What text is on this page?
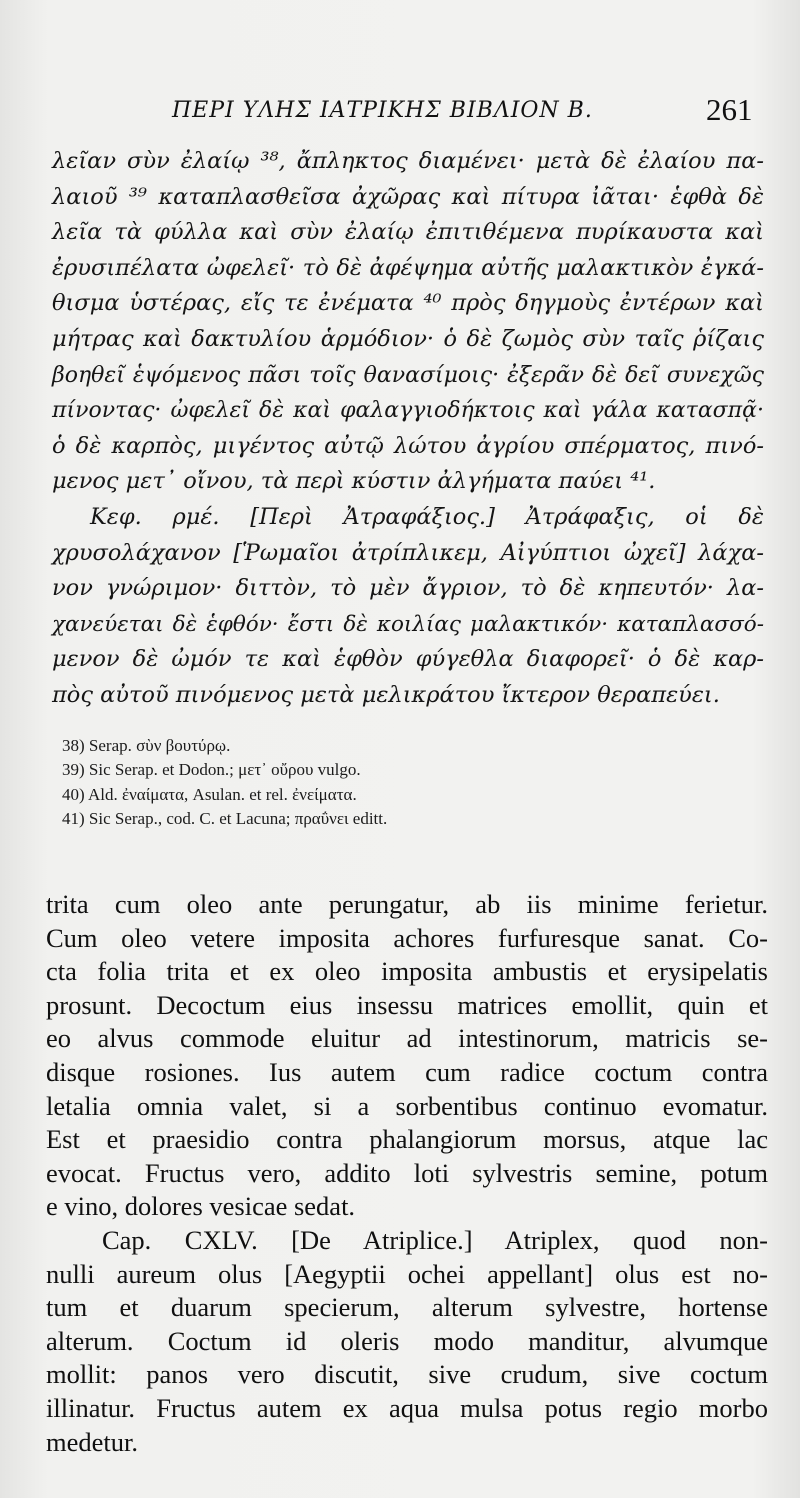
ΠΕΡΙ ΥΛΗΣ ΙΑΤΡΙΚΗΣ ΒΙΒΛΙΟΝ Β.	261
λεῖαν σὺν ἐλαίῳ ³⁸, ἄπληκτος διαμένει· μετὰ δὲ ἐλαίου πα-
λαιοῦ ³⁹ καταπλασθεῖσα ἀχῶρας καὶ πίτυρα ἰᾶται· ἑφθὰ δὲ
λεῖα τὰ φύλλα καὶ σὺν ἐλαίῳ ἐπιτιθέμενα πυρίκαυστα καὶ
ἐρυσιπέλατα ὠφελεῖ· τὸ δὲ ἀφέψημα αὐτῆς μαλακτικὸν ἐγκά-
θισμα ὑστέρας, εἴς τε ἐνέματα ⁴⁰ πρὸς δηγμοὺς ἐντέρων καὶ
μήτρας καὶ δακτυλίου ἁρμόδιον· ὁ δὲ ζωμὸς σὺν ταῖς ῥίζαις
βοηθεῖ ἑψόμενος πᾶσι τοῖς θανασίμοις· ἐξερᾶν δὲ δεῖ συνεχῶς
πίνοντας· ὠφελεῖ δὲ καὶ φαλαγγιοδήκτοις καὶ γάλα κατασπᾷ·
ὁ δὲ καρπὸς, μιγέντος αὐτῷ λώτου ἀγρίου σπέρματος, πινό-
μενος μετ᾽ οἴνου, τὰ περὶ κύστιν ἀλγήματα παύει ⁴¹.
Κεφ. ρμέ. [Περὶ Ἀτραφάξιος.] Ἀτράφαξις, οἱ δὲ
χρυσολάχανον [Ῥωμαῖοι ἀτρίπλικεμ, Αἰγύπτιοι ὠχεῖ] λάχα-
νον γνώριμον· διττὸν, τὸ μὲν ἄγριον, τὸ δὲ κηπευτόν· λα-
χανεύεται δὲ ἑφθόν· ἔστι δὲ κοιλίας μαλακτικόν· καταπλασσό-
μενον δὲ ὠμόν τε καὶ ἑφθὸν φύγεθλα διαφορεῖ· ὁ δὲ καρ-
πὸς αὐτοῦ πινόμενος μετὰ μελικράτου ἴκτερον θεραπεύει.
38) Serap. σὺν βουτύρῳ.
39) Sic Serap. et Dodon.; μετ᾽ οὔρου vulgo.
40) Ald. ἐναίματα, Asulan. et rel. ἐνείματα.
41) Sic Serap., cod. C. et Lacuna; πραΰνει editt.
trita cum oleo ante perungatur, ab iis minime ferietur.
Cum oleo vetere imposita achores furfuresque sanat. Co-
cta folia trita et ex oleo imposita ambustis et erysipelatis
prosunt. Decoctum eius insessu matrices emollit, quin et
eo alvus commode eluitur ad intestinorum, matricis se-
disque rosiones. Ius autem cum radice coctum contra
letalia omnia valet, si a sorbentibus continuo evomatur.
Est et praesidio contra phalangiorum morsus, atque lac
evocat. Fructus vero, addito loti sylvestris semine, potum
e vino, dolores vesicae sedat.
Cap. CXLV. [De Atriplice.] Atriplex, quod non-
nulli aureum olus [Aegyptii ochei appellant] olus est no-
tum et duarum specierum, alterum sylvestre, hortense
alterum. Coctum id oleris modo manditur, alvumque
mollit: panos vero discutit, sive crudum, sive coctum
illinatur. Fructus autem ex aqua mulsa potus regio morbo
medetur.
